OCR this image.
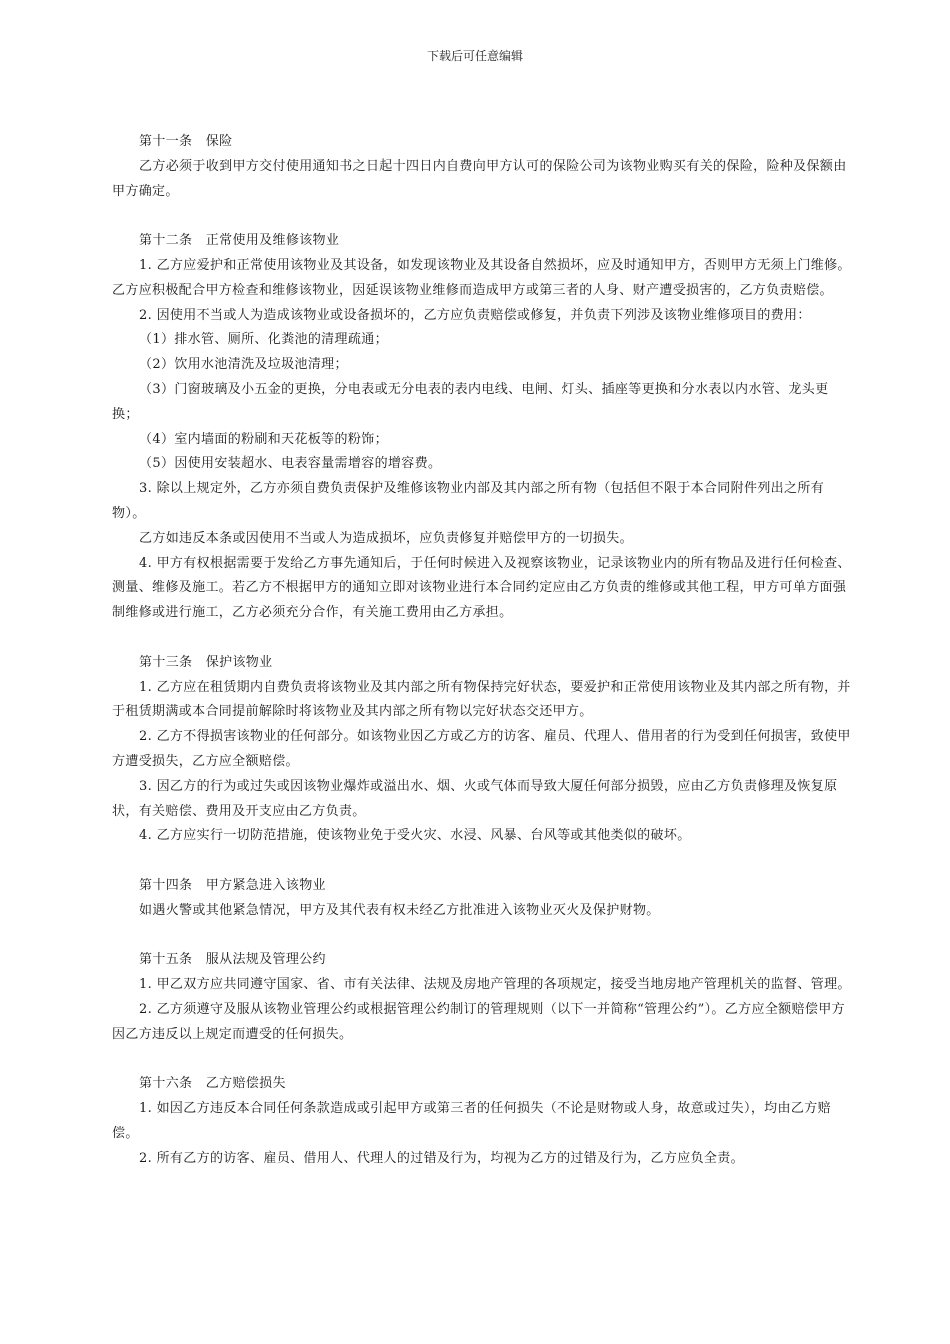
下载后可任意编辑
第十一条　保险
乙方必须于收到甲方交付使用通知书之日起十四日内自费向甲方认可的保险公司为该物业购买有关的保险，险种及保额由甲方确定。
第十二条　正常使用及维修该物业
1. 乙方应爱护和正常使用该物业及其设备，如发现该物业及其设备自然损坏，应及时通知甲方，否则甲方无须上门维修。乙方应积极配合甲方检查和维修该物业，因延误该物业维修而造成甲方或第三者的人身、财产遭受损害的，乙方负责赔偿。
2. 因使用不当或人为造成该物业或设备损坏的，乙方应负责赔偿或修复，并负责下列涉及该物业维修项目的费用：
（1）排水管、厕所、化粪池的清理疏通；
（2）饮用水池清洗及垃圾池清理；
（3）门窗玻璃及小五金的更换，分电表或无分电表的表内电线、电闸、灯头、插座等更换和分水表以内水管、龙头更换；
（4）室内墙面的粉刷和天花板等的粉饰；
（5）因使用安装超水、电表容量需增容的增容费。
3. 除以上规定外，乙方亦须自费负责保护及维修该物业内部及其内部之所有物（包括但不限于本合同附件列出之所有物）。
乙方如违反本条或因使用不当或人为造成损坏，应负责修复并赔偿甲方的一切损失。
4. 甲方有权根据需要于发给乙方事先通知后，于任何时候进入及视察该物业，记录该物业内的所有物品及进行任何检查、测量、维修及施工。若乙方不根据甲方的通知立即对该物业进行本合同约定应由乙方负责的维修或其他工程，甲方可单方面强制维修或进行施工，乙方必须充分合作，有关施工费用由乙方承担。
第十三条　保护该物业
1. 乙方应在租赁期内自费负责将该物业及其内部之所有物保持完好状态，要爱护和正常使用该物业及其内部之所有物，并于租赁期满或本合同提前解除时将该物业及其内部之所有物以完好状态交还甲方。
2. 乙方不得损害该物业的任何部分。如该物业因乙方或乙方的访客、雇员、代理人、借用者的行为受到任何损害，致使甲方遭受损失，乙方应全额赔偿。
3. 因乙方的行为或过失或因该物业爆炸或溢出水、烟、火或气体而导致大厦任何部分损毁，应由乙方负责修理及恢复原状，有关赔偿、费用及开支应由乙方负责。
4. 乙方应实行一切防范措施，使该物业免于受火灾、水浸、风暴、台风等或其他类似的破坏。
第十四条　甲方紧急进入该物业
如遇火警或其他紧急情况，甲方及其代表有权未经乙方批准进入该物业灭火及保护财物。
第十五条　服从法规及管理公约
1. 甲乙双方应共同遵守国家、省、市有关法律、法规及房地产管理的各项规定，接受当地房地产管理机关的监督、管理。
2. 乙方须遵守及服从该物业管理公约或根据管理公约制订的管理规则（以下一并简称“管理公约”）。乙方应全额赔偿甲方因乙方违反以上规定而遭受的任何损失。
第十六条　乙方赔偿损失
1. 如因乙方违反本合同任何条款造成或引起甲方或第三者的任何损失（不论是财物或人身，故意或过失），均由乙方赔偿。
2. 所有乙方的访客、雇员、借用人、代理人的过错及行为，均视为乙方的过错及行为，乙方应负全责。
